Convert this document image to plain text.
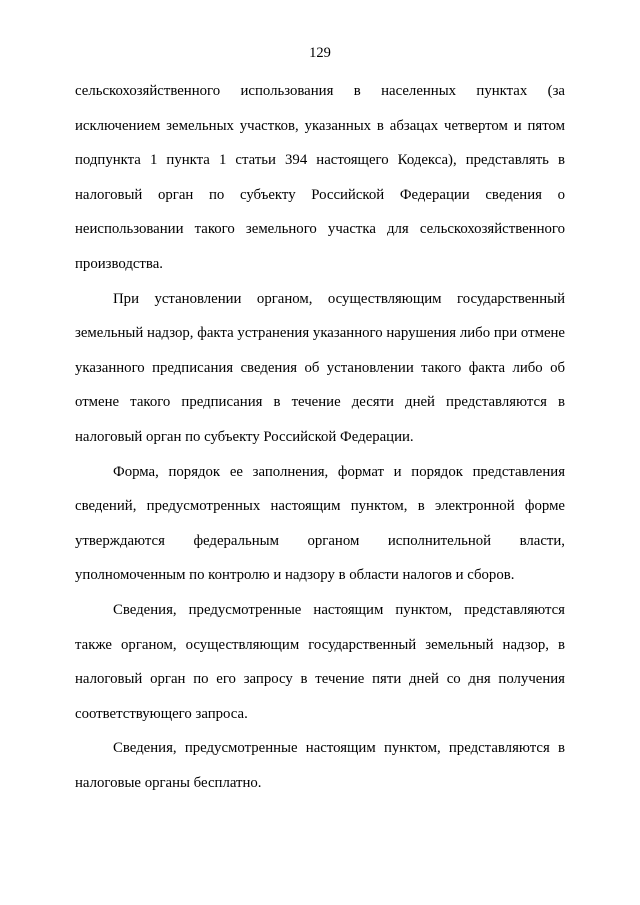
129

сельскохозяйственного использования в населенных пунктах (за исключением земельных участков, указанных в абзацах четвертом и пятом подпункта 1 пункта 1 статьи 394 настоящего Кодекса), представлять в налоговый орган по субъекту Российской Федерации сведения о неиспользовании такого земельного участка для сельскохозяйственного производства.

При установлении органом, осуществляющим государственный земельный надзор, факта устранения указанного нарушения либо при отмене указанного предписания сведения об установлении такого факта либо об отмене такого предписания в течение десяти дней представляются в налоговый орган по субъекту Российской Федерации.

Форма, порядок ее заполнения, формат и порядок представления сведений, предусмотренных настоящим пунктом, в электронной форме утверждаются федеральным органом исполнительной власти, уполномоченным по контролю и надзору в области налогов и сборов.

Сведения, предусмотренные настоящим пунктом, представляются также органом, осуществляющим государственный земельный надзор, в налоговый орган по его запросу в течение пяти дней со дня получения соответствующего запроса.

Сведения, предусмотренные настоящим пунктом, представляются в налоговые органы бесплатно.
